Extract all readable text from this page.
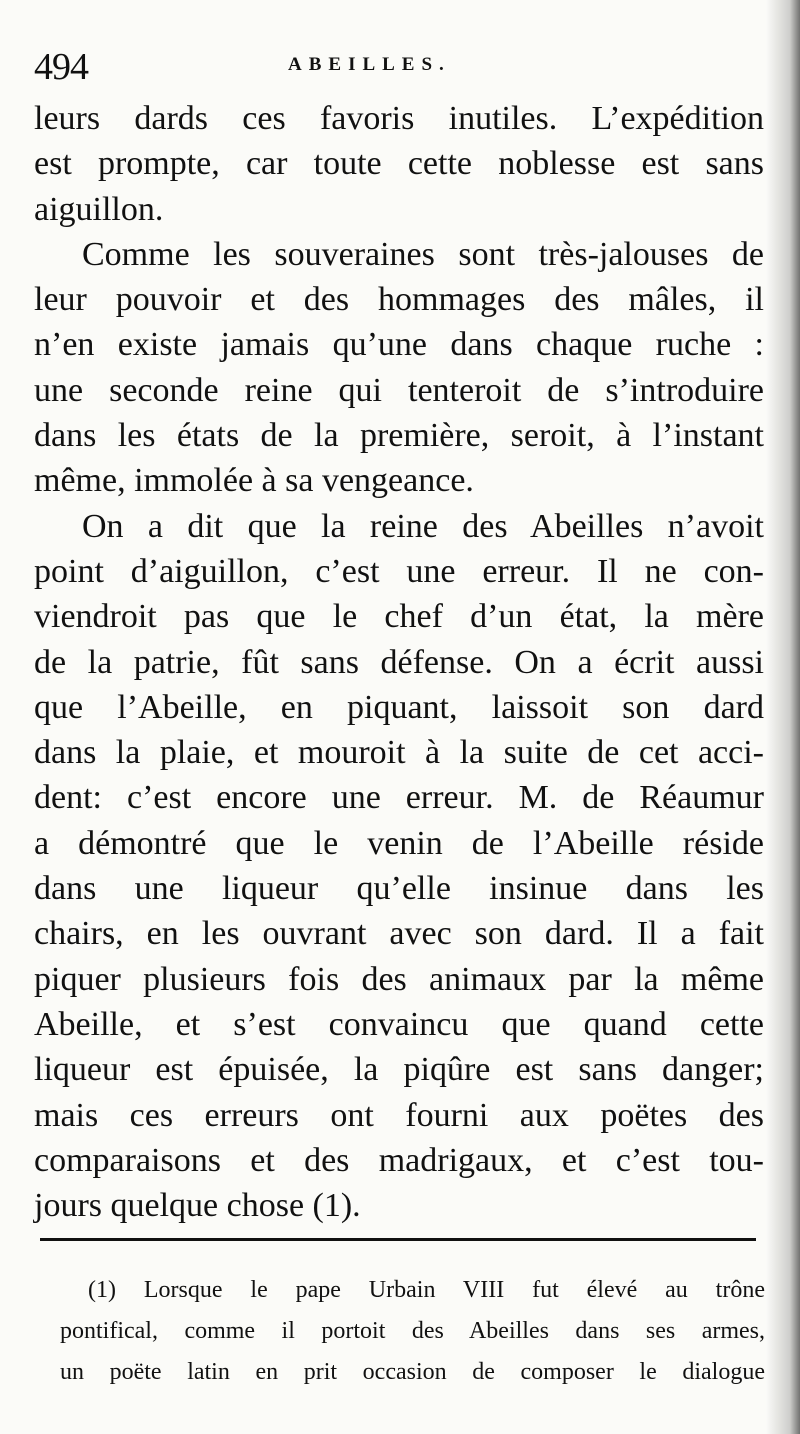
494	ABEILLES.
leurs dards ces favoris inutiles. L’expédition
est prompte, car toute cette noblesse est sans
aiguillon.
Comme les souveraines sont très-jalouses de
leur pouvoir et des hommages des mâles, il
n’en existe jamais qu’une dans chaque ruche :
une seconde reine qui tenteroit de s’introduire
dans les états de la première, seroit, à l’instant
même, immolée à sa vengeance.
On a dit que la reine des Abeilles n’avoit
point d’aiguillon, c’est une erreur. Il ne con-
viendroit pas que le chef d’un état, la mère
de la patrie, fût sans défense. On a écrit aussi
que l’Abeille, en piquant, laissoit son dard
dans la plaie, et mouroit à la suite de cet acci-
dent: c’est encore une erreur. M. de Réaumur
a démontré que le venin de l’Abeille réside
dans une liqueur qu’elle insinue dans les
chairs, en les ouvrant avec son dard. Il a fait
piquer plusieurs fois des animaux par la même
Abeille, et s’est convaincu que quand cette
liqueur est épuisée, la piqûre est sans danger;
mais ces erreurs ont fourni aux poëtes des
comparaisons et des madrigaux, et c’est tou-
jours quelque chose (1).
(1) Lorsque le pape Urbain VIII fut élevé au trône
pontifical, comme il portoit des Abeilles dans ses armes,
un poëte latin en prit occasion de composer le dialogue
